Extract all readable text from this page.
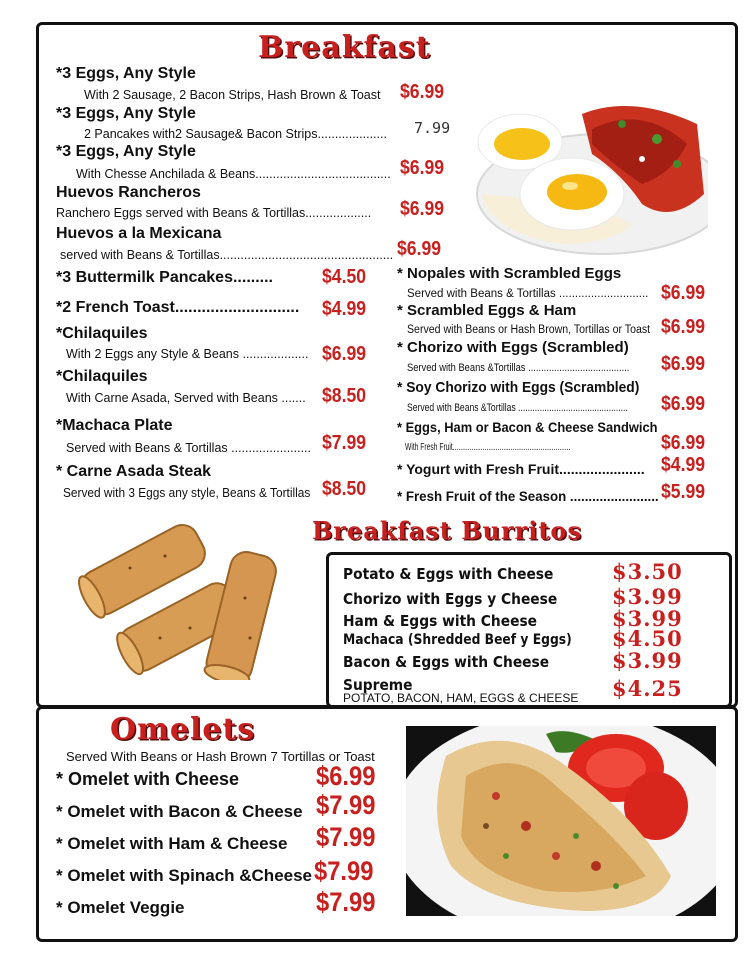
Breakfast
*3 Eggs, Any Style
With 2 Sausage, 2 Bacon Strips, Hash Brown & Toast $6.99
*3 Eggs, Any Style
2 Pancakes with2 Sausage& Bacon Strips.................... 7.99
*3 Eggs, Any Style
With Chesse Anchilada & Beans....................................... $6.99
Huevos Rancheros
Ranchero Eggs served with Beans & Tortillas................... $6.99
Huevos a la Mexicana
served with Beans & Tortillas.................................................. $6.99
*3 Buttermilk Pancakes......... $4.50
*2 French Toast............................ $4.99
*Chilaquiles
With 2 Eggs any Style & Beans ................... $6.99
*Chilaquiles
With Carne Asada, Served with Beans ....... $8.50
*Machaca Plate
Served with Beans & Tortillas ....................... $7.99
* Carne Asada Steak
Served with 3 Eggs any style, Beans & Tortillas $8.50
* Nopales with Scrambled Eggs
Served with Beans & Tortillas ............................ $6.99
* Scrambled Eggs & Ham
Served with Beans or Hash Brown, Tortillas or Toast $6.99
* Chorizo with Eggs (Scrambled)
Served with Beans &Tortillas ....................................... $6.99
* Soy Chorizo with Eggs (Scrambled)
Served with Beans &Tortillas .............................................. $6.99
* Eggs, Ham or Bacon & Cheese Sandwich
With Fresh Fruit...............................................................	$6.99
* Yogurt with Fresh Fruit...................... $4.99
* Fresh Fruit of the Season ........................ $5.99
Breakfast Burritos
Potato & Eggs with Cheese	$3.50
Chorizo with Eggs y Cheese	$3.99
Ham & Eggs with Cheese	$3.99
Machaca (Shredded Beef y Eggs) $4.50
Bacon & Eggs with Cheese	$3.99
Supreme
POTATO, BACON, HAM, EGGS & CHEESE $4.25
Omelets
Served With Beans or Hash Brown 7 Tortillas or Toast
* Omelet with Cheese	$6.99
* Omelet with Bacon & Cheese $7.99
* Omelet with Ham & Cheese $7.99
* Omelet with Spinach &Cheese $7.99
* Omelet Veggie	$7.99
